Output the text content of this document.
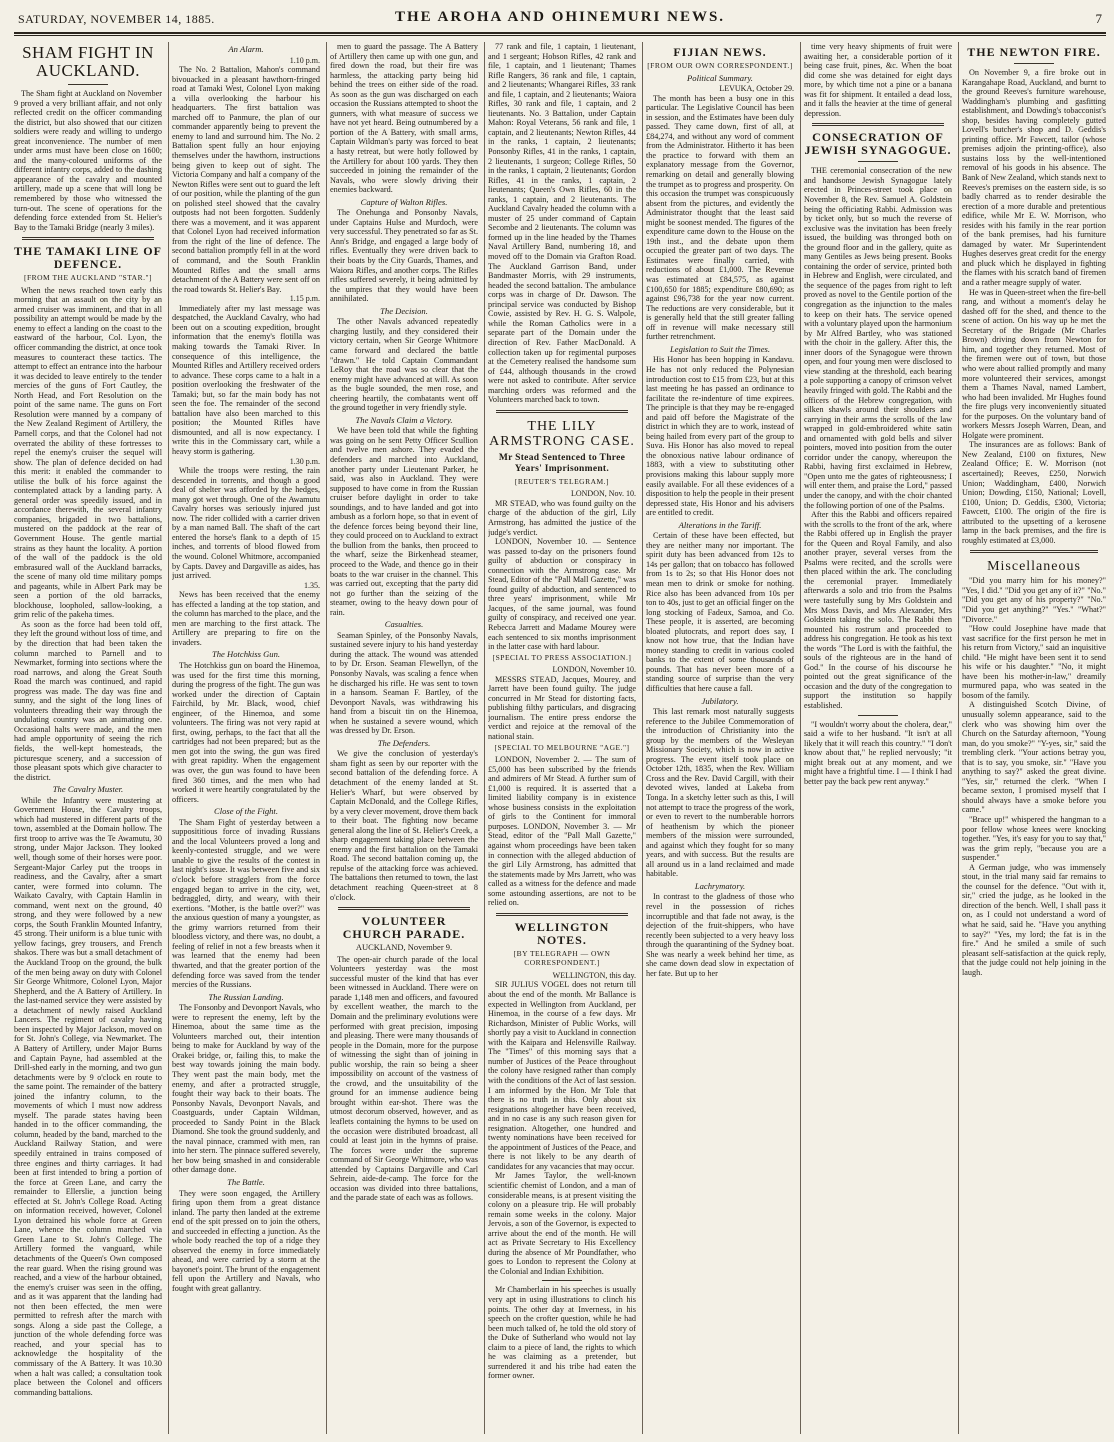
SATURDAY, NOVEMBER 14, 1885.	THE AROHA AND OHINEMURI NEWS.	7
SHAM FIGHT IN AUCKLAND.

The Sham fight at Auckland on November 9 proved a very brilliant affair, and not only reflected credit on the officer commanding the district, but also showed that our citizen soldiers were ready and willing to undergo great inconvenience. The number of men under arms must have been close on 1600; and the many-coloured uniforms of the different infantry corps, added to the dashing appearance of the cavalry and mounted artillery, made up a scene that will long be remembered by those who witnessed the turn-out. The scene of operations for the defending force extended from St. Helier's Bay to the Tamaki Bridge (nearly 3 miles).

THE TAMAKI LINE OF DEFENCE.
[FROM THE AUCKLAND "STAR."]

When the news reached town early this morning that an assault on the city by an armed cruiser was imminent, and that in all possibility an attempt would be made by the enemy to effect a landing on the coast to the eastward of the harbour, Col. Lyon, the officer commanding the district, at once took measures to counteract these tactics. The attempt to effect an entrance into the harbour it was decided to leave entirely to the tender mercies of the guns of Fort Cautley, the North Head, and Fort Resolution on the point of the same name. The guns on Fort Resolution were manned by a company of the New Zealand Regiment of Artillery, the Parnell corps, and that the Colonel had not overrated the ability of these fortresses to repel the enemy's cruiser the sequel will show. The plan of defence decided on had this merit: it enabled the commander to utilise the bulk of his force against the contemplated attack by a landing party. A general order was speedily issued, and in accordance therewith, the several infantry companies, brigaded in two battalions, mustered on the paddock at the rear of Government House. The gentle martial strains as they haunt the locality. A portion of the wall of the paddock is the old embrasured wall of the Auckland barracks, the scene of many old time military pomps and pageants, while in Albert Park may be seen a portion of the old barracks, blockhouse, loopholed, sallow-looking, a grim relic of the pakeha times.

As soon as the force had been told off, they left the ground without loss of time, and by the direction that had been taken the column marched to Parnell and to Newmarket, forming into sections where the road narrows, and along the Great South Road the march was continued, and rapid progress was made. The day was fine and sunny, and the sight of the long lines of volunteers threading their way through the undulating country was an animating one. Occasional halts were made, and the men had ample opportunity of seeing the rich fields, the well-kept homesteads, the picturesque scenery, and a succession of those pleasant spots which give character to the district.

The Cavalry Muster.

While the Infantry were mustering at Government House, the Cavalry troops, which had mustered in different parts of the town, assembled at the Domain hollow. The first troop to arrive was the Te Awamutu, 30 strong, under Major Jackson. They looked well, though some of their horses were poor. Sergeant-Major Carley put the troops in readiness, and the Cavalry, after a smart canter, were formed into column. The Waikato Cavalry, with Captain Hamlin in command, went next on the ground, 40 strong, and they were followed by a new corps, the South Franklin Mounted Infantry, 45 strong. Their uniform is a blue tunic with yellow facings, grey trousers, and French shakos. There was but a small detachment of the Auckland Troop on the ground, the bulk of the men being away on duty with Colonel Sir George Whitmore, Colonel Lyon, Major Shepherd, and the A Battery of Artillery. In the last-named service they were assisted by a detachment of newly raised Auckland Lancers. The regiment of cavalry having been inspected by Major Jackson, moved on for St. John's College, via Newmarket. The A Battery of Artillery, under Major Burns and Captain Payne, had assembled at the Drill-shed early in the morning, and two gun detachments were by 9 o'clock en route to the same point. The remainder of the battery joined the infantry column, to the movements of which I must now address myself. The parade states having been handed in to the officer commanding, the column, headed by the band, marched to the Auckland Railway Station, and were speedily entrained in trains composed of three engines and thirty carriages. It had been at first intended to bring a portion of the force at Green Lane, and carry the remainder to Ellerslie, a junction being effected at St. John's College Road. Acting on information received, however, Colonel Lyon detrained his whole force at Green Lane, whence the column marched via Green Lane to St. John's College. The Artillery formed the vanguard, while detachments of the Queen's Own composed the rear guard. When the rising ground was reached, and a view of the harbour obtained, the enemy's cruiser was seen in the offing, and as it was apparent that the landing had not then been effected, the men were permitted to refresh after the march with songs. Along a side past the College, a junction of the whole defending force was reached, and your special has to acknowledge the hospitality of the commissary of the A Battery. It was 10.30 when a halt was called; a consultation took place between the Colonel and officers commanding battalions.

An Alarm.
1.10 p.m.

The No. 2 Battalion, Mahon's command bivouacked in a pleasant hawthorn-fringed road at Tamaki West, Colonel Lyon making a villa overlooking the harbour his headquarters. The first battalion was marched off to Panmure, the plan of our commander apparently being to prevent the enemy to land and surround him. The No. 2 Battalion spent fully an hour enjoying themselves under the hawthorn, instructions being given to keep out of sight. The Victoria Company and half a company of the Newton Rifles were sent out to guard the left of our position, while the planting of the gun on polished steel showed that the cavalry outposts had not been forgotten. Suddenly there was a movement, and it was apparent that Colonel Lyon had received information from the right of the line of defence. The second battalion promptly fell in at the word of command, and the South Franklin Mounted Rifles and the small arms detachment of the A Battery were sent off on the road towards St. Helier's Bay.

1.15 p.m.

Immediately after my last message was despatched, the Auckland Cavalry, who had been out on a scouting expedition, brought information that the enemy's flotilla was making towards the Tamaki River. In consequence of this intelligence, the Mounted Rifles and Artillery received orders to advance. These corps came to a halt in a position overlooking the freshwater of the Tamaki; but, so far the main body has not seen the foe. The remainder of the second battalion have also been marched to this position; the Mounted Rifles have dismounted, and all is now expectancy. I write this in the Commissary cart, while a heavy storm is gathering.

1.30 p.m.

While the troops were resting, the rain descended in torrents, and though a good deal of shelter was afforded by the hedges, many got wet through. One of the Awamutu Cavalry horses was seriously injured just now. The rider collided with a carrier driven by a man named Ball. The shaft of the cart entered the horse's flank to a depth of 15 inches, and torrents of blood flowed from the wound. Colonel Whitmore, accompanied by Capts. Davey and Dargaville as aides, has just arrived.

1.35.

News has been received that the enemy has effected a landing at the top station, and the column has marched to the place, and the men are marching to the first attack. The Artillery are preparing to fire on the invaders.

The Hotchkiss Gun.

The Hotchkiss gun on board the Hinemoa, was used for the first time this morning, during the progress of the fight. The gun was worked under the direction of Captain Fairchild, by Mr. Black, wood, chief engineer, of the Hinemoa, and some volunteers. The firing was not very rapid at first, owing, perhaps, to the fact that all the cartridges had not been prepared; but as the men got into the swing, the gun was fired with great rapidity. When the engagement was over, the gun was found to have been fired 360 times, and the men who had worked it were heartily congratulated by the officers.

Close of the Fight.

The Sham Fight of yesterday between a supposititious force of invading Russians and the local Volunteers proved a long and keenly-contested struggle, and we were unable to give the results of the contest in last night's issue. It was between five and six o'clock before stragglers from the force engaged began to arrive in the city, wet, bedraggled, dirty, and weary, with their exertions. "Mother, is the battle over?" was the anxious question of many a youngster, as the grimy warriors returned from their bloodless victory, and there was, no doubt, a feeling of relief in not a few breasts when it was learned that the enemy had been thwarted, and that the greater portion of the defending force was saved from the tender mercies of the Russians.

The Russian Landing.

The Fonsonby and Devonport Navals, who were to represent the enemy, left by the Hinemoa, about the same time as the Volunteers marched out, their intention being to make for Auckland by way of the Orakei bridge, or, failing this, to make the best way towards joining the main body. They went past the main body, met the enemy, and after a protracted struggle, fought their way back to their boats. The Ponsonby Navals, Devonport Navals, and Coastguards, under Captain Wildman, proceeded to Sandy Point in the Black Diamond. She took the ground suddenly, and the naval pinnace, crammed with men, ran into her stern. The pinnace suffered severely, her bow being smashed in and considerable other damage done.

The Battle.

They were soon engaged, the Artillery firing upon them from a great distance inland. The party then landed at the extreme end of the spit pressed on to join the others, and succeeded in effecting a junction. As the whole body reached the top of a ridge they observed the enemy in force immediately ahead, and were carried by a storm at the bayonet's point. The brunt of the engagement fell upon the Artillery and Navals, who fought with great gallantry.

men to guard the passage. The A Battery of Artillery then came up with one gun, and fired down the road, but their fire was harmless, the attacking party being hid behind the trees on either side of the road. As soon as the gun was discharged on each occasion the Russians attempted to shoot the gunners, with what measure of success we have not yet heard. Being outnumbered by a portion of the A Battery, with small arms, Captain Wildman's party was forced to beat a hasty retreat, but were hotly followed by the Artillery for about 100 yards. They then succeeded in joining the remainder of the Navals, who were slowly driving their enemies backward.

Capture of Walton Rifles.

The Onehunga and Ponsonby Navals, under Captains Hulse and Murdoch, were very successful. They penetrated so far as St. Ann's Bridge, and engaged a large body of rifles. Eventually they were driven back to their boats by the City Guards, Thames, and Waiora Rifles, and another corps. The Rifles rifles suffered severely, it being admitted by the umpires that they would have been annihilated.

The Decision.

The other Navals advanced repeatedly charging lustily, and they considered their victory certain, when Sir George Whitmore came forward and declared the battle "drawn." He told Captain Commandant LeRoy that the road was so clear that the enemy might have advanced at will. As soon as the bugle sounded, the men rose, and cheering heartily, the combatants went off the ground together in very friendly style.

The Navals Claim a Victory.

We have been told that while the fighting was going on he sent Petty Officer Scullion and twelve men ashore. They evaded the defenders and marched into Auckland, another party under Lieutenant Parker, he said, was also in Auckland. They were supposed to have come in from the Russian cruiser before daylight in order to take soundings, and to have landed and got into ambush as a forlorn hope, so that in event of the defence forces being beyond their line, they could proceed on to Auckland to extract the bullion from the banks, then proceed to the wharf, seize the Birkenhead steamer, proceed to the Wade, and thence go in their boats to the war cruiser in the channel. This was carried out, excepting that the party did not go further than the seizing of the steamer, owing to the heavy down pour of rain.

Casualties.

Seaman Spinley, of the Ponsonby Navals, sustained severe injury to his hand yesterday during the attack. The wound was attended to by Dr. Erson. Seaman Flewellyn, of the Ponsonby Navals, was scaling a fence when he discharged his rifle. He was sent to town in a hansom. Seaman F. Bartley, of the Devonport Navals, was withdrawing his hand from a biscuit tin on the Hinemoa, when he sustained a severe wound, which was dressed by Dr. Erson.

The Defenders.

We give the conclusion of yesterday's sham fight as seen by our reporter with the second battalion of the defending force. A detachment of the enemy landed at St. Helier's Wharf, but were observed by Captain McDonald, and the College Rifles, by a very clever movement, drove them back to their boat. The fighting now became general along the line of St. Helier's Creek, a sharp engagement taking place between the enemy and the first battalion on the Tamaki Road. The second battalion coming up, the repulse of the attacking force was achieved. The battalions then returned to town, the last detachment reaching Queen-street at 8 o'clock.

VOLUNTEER CHURCH PARADE.
AUCKLAND, November 9.

The open-air church parade of the local Volunteers yesterday was the most successful muster of the kind that has ever been witnessed in Auckland. There were on parade 1,148 men and officers, and favoured by excellent weather, the march to the Domain and the preliminary evolutions were performed with great precision, imposing and pleasing. There were many thousands of people in the Domain, more for the purpose of witnessing the sight than of joining in public worship, the rain so being a sheer impossibility on account of the vastness of the crowd, and the unsuitability of the ground for an immense audience being brought within ear-shot. There was the utmost decorum observed, however, and as leaflets containing the hymns to be used on the occasion were distributed broadcast, all could at least join in the hymns of praise. The forces were under the supreme command of Sir George Whitmore, who was attended by Captains Dargaville and Carl Sehrein, aide-de-camp. The force for the occasion was divided into three battalions, and the parade state of each was as follows.

77 rank and file, 1 captain, 1 lieutenant, and 1 sergeant; Hobson Rifles, 42 rank and file, 1 captain, and 1 lieutenant; Thames Rifle Rangers, 36 rank and file, 1 captain, and 2 lieutenants; Whangarei Rifles, 33 rank and file, 1 captain, and 2 lieutenants; Waiora Rifles, 30 rank and file, 1 captain, and 2 lieutenants. No. 3 Battalion, under Captain Mahon: Royal Veterans, 56 rank and file, 1 captain, and 2 lieutenants; Newton Rifles, 44 in the ranks, 1 captain, 2 lieutenants; Ponsonby Rifles, 41 in the ranks, 1 captain, 2 lieutenants, 1 surgeon; College Rifles, 50 in the ranks, 1 captain, 2 lieutenants; Gordon Rifles, 41 in the ranks, 1 captain, 2 lieutenants; Queen's Own Rifles, 60 in the ranks, 1 captain, and 2 lieutenants. The Auckland Cavalry headed the column with a muster of 25 under command of Captain Secombe and 2 lieutenants. The column was formed up in the line headed by the Thames Naval Artillery Band, numbering 18, and moved off to the Domain via Grafton Road. The Auckland Garrison Band, under Bandmaster Morris, with 29 instruments, headed the second battalion. The ambulance corps was in charge of Dr. Dawson. The principal service was conducted by Bishop Cowie, assisted by Rev. H. G. S. Walpole, while the Roman Catholics were in a separate part of the Domain under the direction of Rev. Father MacDonald. A collection taken up for regimental purposes at the Cemetery realised the handsome sum of £44, although thousands in the crowd were not asked to contribute. After service marching orders was reformed and the Volunteers marched back to town.

THE LILY ARMSTRONG CASE.
Mr Stead Sentenced to Three Years' Imprisonment.
[REUTER'S TELEGRAM.]
LONDON, Nov. 10.

MR STEAD, who was found guilty on the charge of the abduction of the girl, Lily Armstrong, has admitted the justice of the judge's verdict.

LONDON, November 10. — Sentence was passed to-day on the prisoners found guilty of abduction or conspiracy in connection with the Armstrong case. Mr Stead, Editor of the "Pall Mall Gazette," was found guilty of abduction, and sentenced to three years' imprisonment, while Mr Jacques, of the same journal, was found guilty of conspiracy, and received one year. Rebecca Jarrett and Madame Mourey were each sentenced to six months imprisonment in the latter case with hard labour.

[SPECIAL TO PRESS ASSOCIATION.]
LONDON, November 10.

MESSRS STEAD, Jacques, Mourey, and Jarrett have been found guilty. The judge concurred in Mr Stead for distorting facts, publishing filthy particulars, and disgracing journalism. The entire press endorse the verdict and rejoice at the removal of the national stain.

[SPECIAL TO MELBOURNE "AGE."]

LONDON, November 2. — The sum of £5,000 has been subscribed by the friends and admirers of Mr Stead. A further sum of £1,000 is required. It is asserted that a limited liability company is in existence whose business consists in the exploitation of girls to the Continent for immoral purposes. LONDON, November 3. — Mr Stead, editor of the "Pall Mall Gazette," against whom proceedings have been taken in connection with the alleged abduction of the girl Lily Armstrong, has admitted that the statements made by Mrs Jarrett, who was called as a witness for the defence and made some astounding assertions, are not to be relied on.

WELLINGTON NOTES.
[BY TELEGRAPH — OWN CORRESPONDENT.]
WELLINGTON, this day.

SIR JULIUS VOGEL does not return till about the end of the month. Mr Ballance is expected in Wellington from Auckland, per Hinemoa, in the course of a few days. Mr Richardson, Minister of Public Works, will shortly pay a visit to Auckland in connection with the Kaipara and Helensville Railway. The "Times" of this morning says that a number of Justices of the Peace throughout the colony have resigned rather than comply with the conditions of the Act of last session. I am informed by the Hon. Mr Tole that there is no truth in this. Only about six resignations altogether have been received, and in no case is any such reason given for resignation. Altogether, one hundred and twenty nominations have been received for the appointment of Justices of the Peace, and there is not likely to be any dearth of candidates for any vacancies that may occur.

Mr James Taylor, the well-known scientific chemist of London, and a man of considerable means, is at present visiting the colony on a pleasure trip. He will probably remain some weeks in the colony. Major Jervois, a son of the Governor, is expected to arrive about the end of the month. He will act as Private Secretary to His Excellency during the absence of Mr Poundfather, who goes to London to represent the Colony at the Colonial and Indian Exhibition.

Mr Chamberlain in his speeches is usually very apt in using illustrations to clinch his points. The other day at Inverness, in his speech on the crofter question, while he had been much talked of, he told the old story of the Duke of Sutherland who would not lay claim to a piece of land, the rights to which he was claiming as a pretender, but surrendered it and his tribe had eaten the former owner.

FIJIAN NEWS.
[FROM OUR OWN CORRESPONDENT.]
Political Summary.
LEVUKA, October 29.

The month has been a busy one in this particular. The Legislative Council has been in session, and the Estimates have been duly passed. They came down, first of all, at £84,274, and without any word of comment from the Administrator. Hitherto it has been the practice to forward with them an explanatory message from the Governor, remarking on detail and generally blowing the trumpet as to progress and prosperity. On this occasion the trumpet was conspicuously absent from the pictures, and evidently the Administrator thought that the least said might be soonest mended. The figures of the expenditure came down to the House on the 19th inst., and the debate upon them occupied the greater part of two days. The Estimates were finally carried, with reductions of about £1,000. The Revenue was estimated at £84,575, as against £100,650 for 1885; expenditure £80,690; as against £96,738 for the year now current. The reductions are very considerable, but it is generally held that the still greater falling off in revenue will make necessary still further retrenchment.

Legislation to Suit the Times.

His Honor has been hopping in Kandavu. He has not only reduced the Polynesian introduction cost to £15 from £23, but at this last meeting he has passed an ordinance to facilitate the re-indenture of time expirees. The principle is that they may be re-engaged and paid off before the Magistrate of the district in which they are to work, instead of being hailed from every part of the group to Suva. His Honor has also moved to repeal the obnoxious native labour ordinance of 1883, with a view to substituting other provisions making this labour supply more easily available. For all these evidences of a disposition to help the people in their present depressed state, His Honor and his advisers are entitled to credit.

Alterations in the Tariff.

Certain of these have been effected, but they are neither many nor important. The spirit duty has been advanced from 12s to 14s per gallon; that on tobacco has followed from 1s to 2s; so that His Honor does not mean men to drink or smoke for nothing. Rice also has been advanced from 10s per ton to 40s, just to get an official finger on the long stocking of Fadeux, Samoa, and Co. These people, it is asserted, are becoming bloated plutocrats, and report does say, I know not how true, that the Indian have money standing to credit in various cooled banks to the extent of some thousands of pounds. That has never been more of a standing source of surprise than the very difficulties that here cause a fall.

Jubilatory.

This last remark most naturally suggests reference to the Jubilee Commemoration of the introduction of Christianity into the group by the members of the Wesleyan Missionary Society, which is now in active progress. The event itself took place on October 12th, 1835, when the Rev. William Cross and the Rev. David Cargill, with their devoted wives, landed at Lakeba from Tonga. In a sketchy letter such as this, I will not attempt to trace the progress of the work, or even to revert to the numberable horrors of heathenism by which the pioneer members of the mission were surrounded, and against which they fought for so many years, and with success. But the results are all around us in a land reclaimed and made habitable.

Lachrymatory.

In contrast to the gladness of those who revel in the possession of riches incorruptible and that fade not away, is the dejection of the fruit-shippers, who have recently been subjected to a very heavy loss through the quarantining of the Sydney boat. She was nearly a week behind her time, as she came down dead slow in expectation of her fate. But up to her

time very heavy shipments of fruit were awaiting her, a considerable portion of it being case fruit, pines, &c. When the boat did come she was detained for eight days more, by which time not a pine or a banana was fit for shipment. It entailed a dead loss, and it falls the heavier at the time of general depression.

CONSECRATION OF JEWISH SYNAGOGUE.

THE ceremonial consecration of the new and handsome Jewish Synagogue lately erected in Princes-street took place on November 8, the Rev. Samuel A. Goldstein being the officiating Rabbi. Admission was by ticket only, but so much the reverse of exclusive was the invitation has been freely issued, the building was thronged both on the ground floor and in the gallery, quite as many Gentiles as Jews being present. Books containing the order of service, printed both in Hebrew and English, were circulated, and the sequence of the pages from right to left proved as novel to the Gentile portion of the congregation as the injunction to the males to keep on their hats. The service opened with a voluntary played upon the harmonium by Mr Alfred Bartley, who was stationed with the choir in the gallery. After this, the inner doors of the Synagogue were thrown open, and four young men were disclosed to view standing at the threshold, each bearing a pole supporting a canopy of crimson velvet heavily fringed with gold. The Rabbi and the officers of the Hebrew congregation, with silken shawls around their shoulders and carrying in their arms the scrolls of the law wrapped in gold-embroidered white satin and ornamented with gold bells and silver pointers, moved into position from the outer corridor under the canopy, whereupon the Rabbi, having first exclaimed in Hebrew, "Open unto me the gates of righteousness; I will enter them, and praise the Lord," passed under the canopy, and with the choir chanted the following portion of one of the Psalms.

After this the Rabbi and officers repaired with the scrolls to the front of the ark, where the Rabbi offered up in English the prayer for the Queen and Royal Family, and also another prayer, several verses from the Psalms were recited, and the scrolls were then placed within the ark. The concluding the ceremonial prayer. Immediately afterwards a solo and trio from the Psalms were tastefully sung by Mrs Goldstein and Mrs Moss Davis, and Mrs Alexander, Mrs Goldstein taking the solo. The Rabbi then mounted his rostrum and proceeded to address his congregation. He took as his text the words "The Lord is with the faithful, the souls of the righteous are in the hand of God." In the course of his discourse he pointed out the great significance of the occasion and the duty of the congregation to support the institution so happily established.

"I wouldn't worry about the cholera, dear," said a wife to her husband. "It isn't at all likely that it will reach this country." "I don't know about that," he replied nervously; "it might break out at any moment, and we might have a frightful time. I — I think I had better pay the back pew rent anyway."

THE NEWTON FIRE.

On November 9, a fire broke out in Karangahape Road, Auckland, and burnt to the ground Reeves's furniture warehouse, Waddingham's plumbing and gasfitting establishment, and Dowding's tobacconist's shop, besides having completely gutted Lovell's butcher's shop and D. Geddis's printing office. Mr Fawcett, tailor (whose premises adjoin the printing-office), also sustains loss by the well-intentioned removal of his goods in his absence. The Bank of New Zealand, which stands next to Reeves's premises on the eastern side, is so badly charred as to render desirable the erection of a more durable and pretentious edifice, while Mr E. W. Morrison, who resides with his family in the rear portion of the bank premises, had his furniture damaged by water. Mr Superintendent Hughes deserves great credit for the energy and pluck which he displayed in fighting the flames with his scratch band of firemen and a rather meagre supply of water.

He was in Queen-street when the fire-bell rang, and without a moment's delay he dashed off for the shed, and thence to the scene of action. On his way up he met the Secretary of the Brigade (Mr Charles Brown) driving down from Newton for him, and together they returned. Most of the firemen were out of town, but those who were about rallied promptly and many more volunteered their services, amongst them a Thames Naval, named Lambert, who had been invalided. Mr Hughes found the fire plugs very inconveniently situated for the purposes. On the voluntary band of workers Messrs Joseph Warren, Dean, and Holgate were prominent.

The insurances are as follows: Bank of New Zealand, £100 on fixtures, New Zealand Office; E. W. Morrison (not ascertained); Reeves, £250, Norwich Union; Waddingham, £400, Norwich Union; Dowding, £150, National; Lovell, £100, Union; D. Geddis, £300, Victoria; Fawcett, £100. The origin of the fire is attributed to the upsetting of a kerosene lamp in the back premises, and the fire is roughly estimated at £3,000.

Miscellaneous

"Did you marry him for his money?" "Yes, I did." "Did you get any of it?" "No." "Did you get any of his property?" "No." "Did you get anything?" "Yes." "What?" "Divorce."

"How could Josephine have made that vast sacrifice for the first person he met in his return from Victory," said an inquisitive child. "He might have been sent it to send his wife or his daughter." "No, it might have been his mother-in-law," dreamily murmured papa, who was seated in the bosom of the family.

A distinguished Scotch Divine, of unusually solemn appearance, said to the clerk who was showing him over the Church on the Saturday afternoon, "Young man, do you smoke?" "Y-yes, sir," said the trembling clerk. "Your actions betray you, that is to say, you smoke, sir." "Have you anything to say?" asked the great divine. "Yes, sir," returned the clerk. "When I became sexton, I promised myself that I should always have a smoke before you came."

"Brace up!" whispered the hangman to a poor fellow whose knees were knocking together. "Yes, it's easy for you to say that," was the grim reply, "because you are a suspender."

A German judge, who was immensely stout, in the trial many said far remains to the counsel for the defence. "Out with it, sir," cried the judge, as he looked in the direction of the bench. Well, I shall pass it on, as I could not understand a word of what he said, said he. "Have you anything to say?" "Yes, my lord; the fat is in the fire." And he smiled a smile of such pleasant self-satisfaction at the quick reply, that the judge could not help joining in the laugh.
